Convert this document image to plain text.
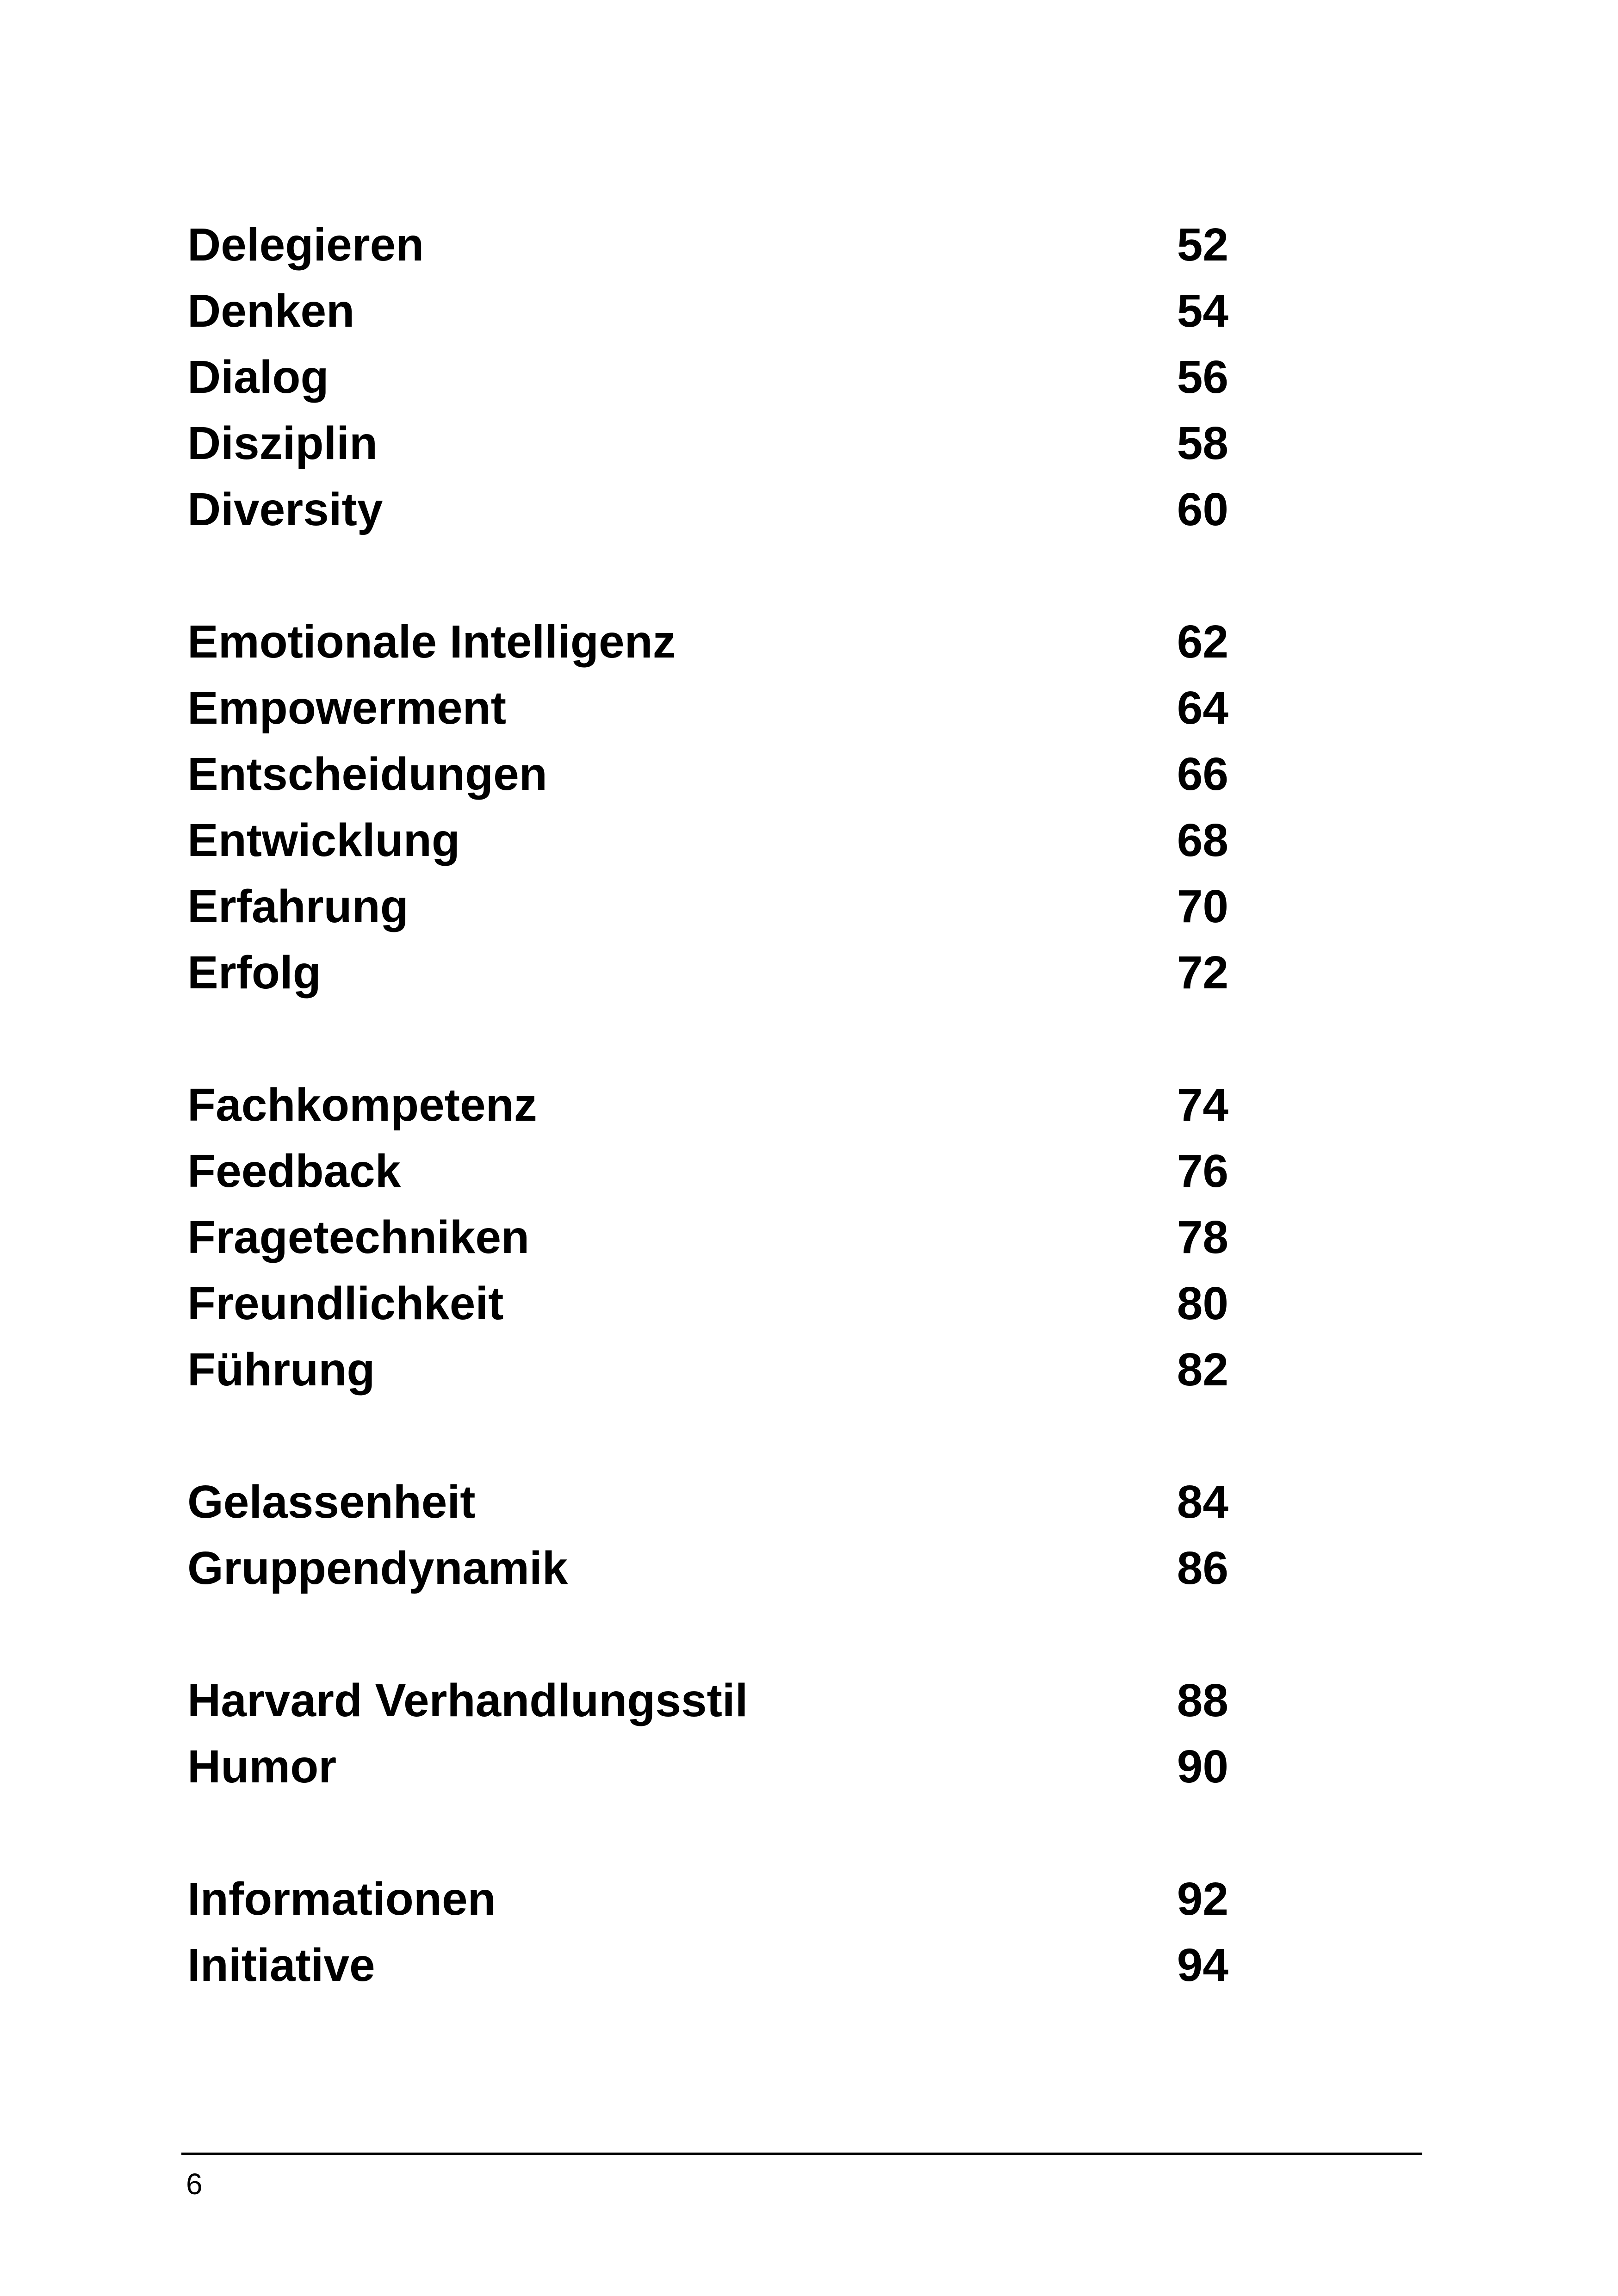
Delegieren	52
Denken	54
Dialog	56
Disziplin	58
Diversity	60
Emotionale Intelligenz	62
Empowerment	64
Entscheidungen	66
Entwicklung	68
Erfahrung	70
Erfolg	72
Fachkompetenz	74
Feedback	76
Fragetechniken	78
Freundlichkeit	80
Führung	82
Gelassenheit	84
Gruppendynamik	86
Harvard Verhandlungsstil	88
Humor	90
Informationen	92
Initiative	94
6
